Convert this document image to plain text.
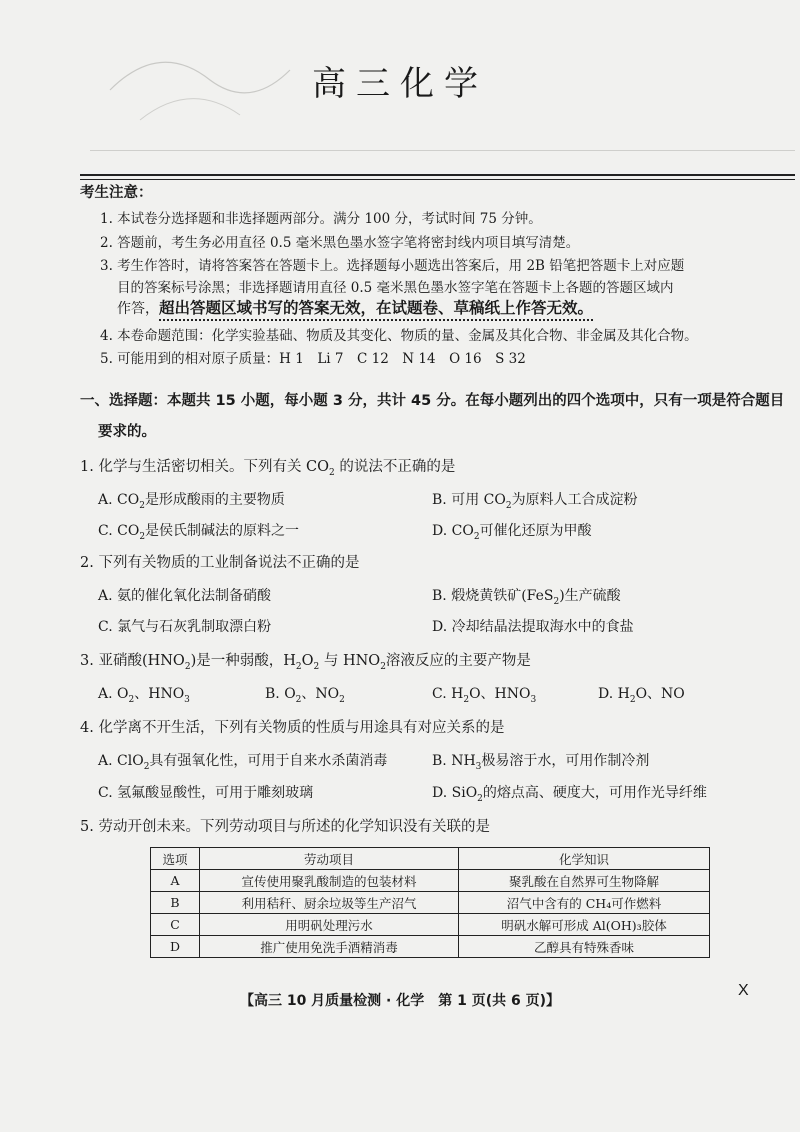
高三化学
考生注意：
1. 本试卷分选择题和非选择题两部分。满分 100 分，考试时间 75 分钟。
2. 答题前，考生务必用直径 0.5 毫米黑色墨水签字笔将密封线内项目填写清楚。
3. 考生作答时，请将答案答在答题卡上。选择题每小题选出答案后，用 2B 铅笔把答题卡上对应题
目的答案标号涂黑；非选择题请用直径 0.5 毫米黑色墨水签字笔在答题卡上各题的答题区域内
作答，超出答题区域书写的答案无效，在试题卷、草稿纸上作答无效。
4. 本卷命题范围：化学实验基础、物质及其变化、物质的量、金属及其化合物、非金属及其化合物。
5. 可能用到的相对原子质量：H 1　Li 7　C 12　N 14　O 16　S 32
一、选择题：本题共 15 小题，每小题 3 分，共计 45 分。在每小题列出的四个选项中，只有一项是符合题目
要求的。
1. 化学与生活密切相关。下列有关 $CO_2$ 的说法不正确的是
A. $CO_2$是形成酸雨的主要物质	B. 可用 $CO_2$为原料人工合成淀粉
C. $CO_2$是侯氏制碱法的原料之一	D. $CO_2$可催化还原为甲酸
2. 下列有关物质的工业制备说法不正确的是
A. 氨的催化氧化法制备硝酸	B. 煅烧黄铁矿(FeS$_2$)生产硫酸
C. 氯气与石灰乳制取漂白粉	D. 冷却结晶法提取海水中的食盐
3. 亚硝酸$(HNO_2)$是一种弱酸，$H_2O_2$ 与 $HNO_2$溶液反应的主要产物是
A. $O_2$、$HNO_3$	B. $O_2$、$NO_2$	C. $H_2O$、$HNO_3$	D. $H_2O$、NO
4. 化学离不开生活，下列有关物质的性质与用途具有对应关系的是
A. ClO$_2$具有强氧化性，可用于自来水杀菌消毒	B. $NH_3$极易溶于水，可用作制冷剂
C. 氢氟酸显酸性，可用于雕刻玻璃	D. SiO$_2$的熔点高、硬度大，可用作光导纤维
5. 劳动开创未来。下列劳动项目与所述的化学知识没有关联的是
选项	劳动项目	化学知识
A	宣传使用聚乳酸制造的包装材料	聚乳酸在自然界可生物降解
B	利用秸秆、厨余垃圾等生产沼气	沼气中含有的 CH₄可作燃料
C	用明矾处理污水	明矾水解可形成 Al(OH)₃胶体
D	推广使用免洗手酒精消毒	乙醇具有特殊香味
【高三 10 月质量检测 · 化学　第 1 页(共 6 页)】
X
